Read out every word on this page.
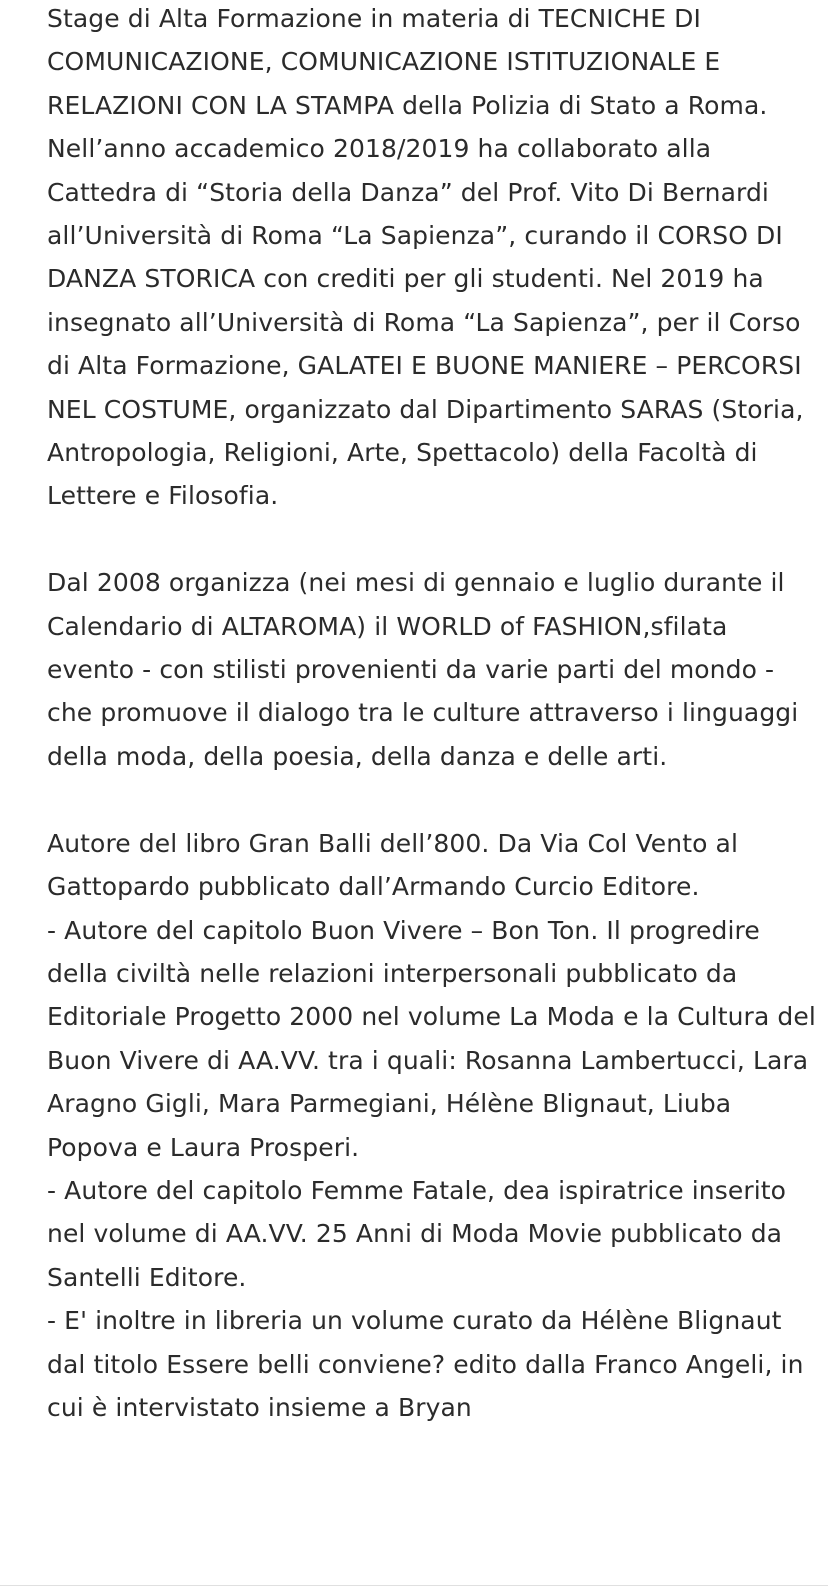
Stage di Alta Formazione in materia di TECNICHE DI COMUNICAZIONE, COMUNICAZIONE ISTITUZIONALE E RELAZIONI CON LA STAMPA della Polizia di Stato a Roma. Nell’anno accademico 2018/2019 ha collaborato alla Cattedra di “Storia della Danza” del Prof. Vito Di Bernardi all’Università di Roma “La Sapienza”, curando il CORSO DI DANZA STORICA con crediti per gli studenti. Nel 2019 ha insegnato all’Università di Roma “La Sapienza”, per il Corso di Alta Formazione, GALATEI E BUONE MANIERE – PERCORSI NEL COSTUME, organizzato dal Dipartimento SARAS (Storia, Antropologia, Religioni, Arte, Spettacolo) della Facoltà di Lettere e Filosofia.

Dal 2008 organizza (nei mesi di gennaio e luglio durante il Calendario di ALTAROMA) il WORLD of FASHION,sfilata evento - con stilisti provenienti da varie parti del mondo - che promuove il dialogo tra le culture attraverso i linguaggi della moda, della poesia, della danza e delle arti.

Autore del libro Gran Balli dell’800. Da Via Col Vento al Gattopardo pubblicato dall’Armando Curcio Editore.

- Autore del capitolo Buon Vivere – Bon Ton. Il progredire della civiltà nelle relazioni interpersonali pubblicato da Editoriale Progetto 2000 nel volume La Moda e la Cultura del Buon Vivere di AA.VV. tra i quali: Rosanna Lambertucci, Lara Aragno Gigli, Mara Parmegiani, Hélène Blignaut, Liuba Popova e Laura Prosperi.

- Autore del capitolo Femme Fatale, dea ispiratrice inserito nel volume di AA.VV. 25 Anni di Moda Movie pubblicato da Santelli Editore.

- E' inoltre in libreria un volume curato da Hélène Blignaut dal titolo Essere belli conviene? edito dalla Franco Angeli, in cui è intervistato insieme a Bryan
